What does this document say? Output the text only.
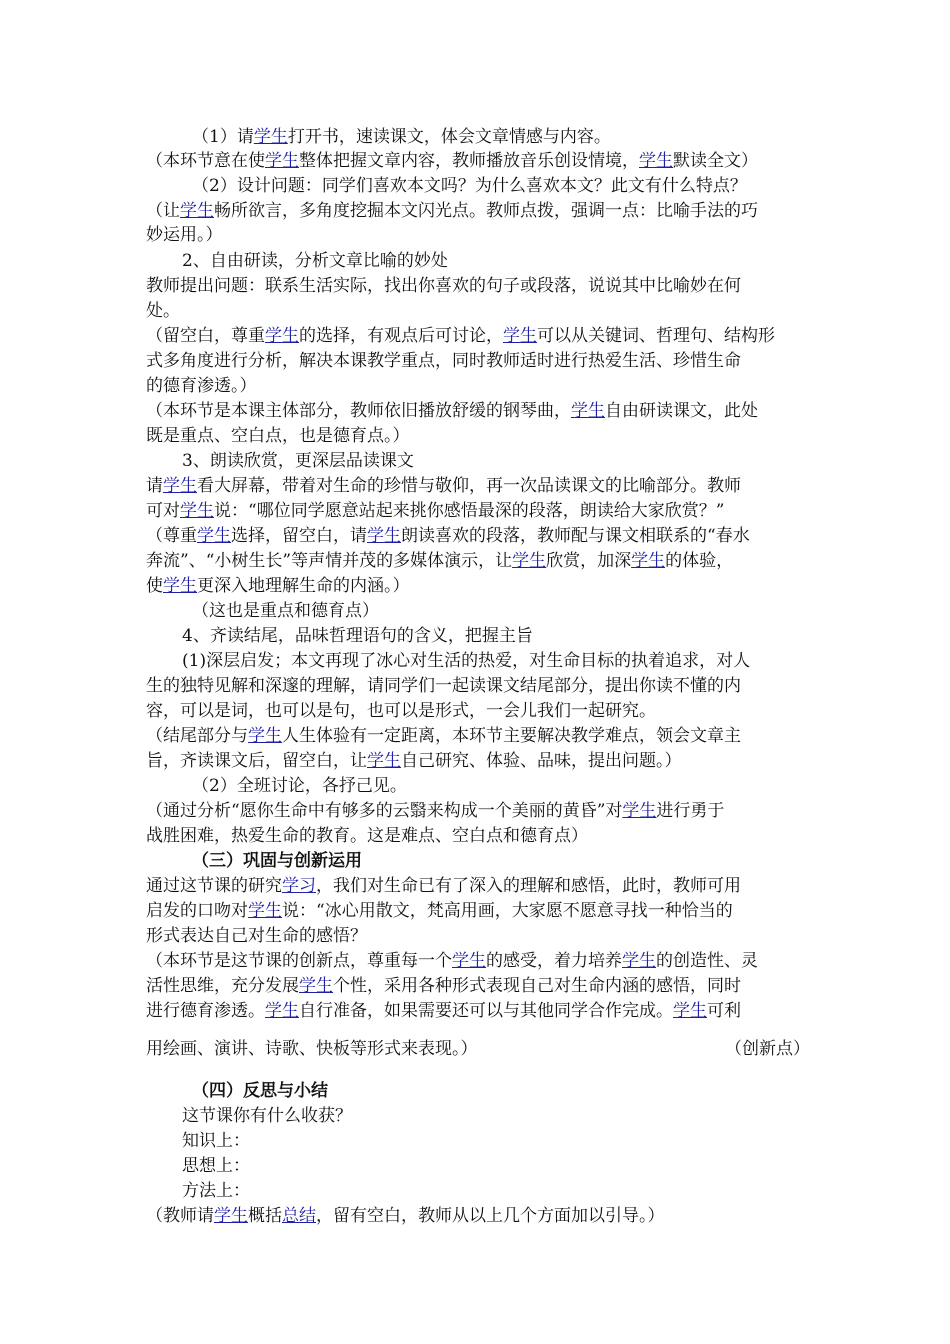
（1）请学生打开书，速读课文，体会文章情感与内容。
（本环节意在使学生整体把握文章内容，教师播放音乐创设情境，学生默读全文）
（2）设计问题：同学们喜欢本文吗？为什么喜欢本文？此文有什么特点？
（让学生畅所欲言，多角度挖掘本文闪光点。教师点拨，强调一点：比喻手法的巧
妙运用。）
2、自由研读，分析文章比喻的妙处
教师提出问题：联系生活实际，找出你喜欢的句子或段落，说说其中比喻妙在何
处。
（留空白，尊重学生的选择，有观点后可讨论，学生可以从关键词、哲理句、结构形
式多角度进行分析，解决本课教学重点，同时教师适时进行热爱生活、珍惜生命
的德育渗透。）
（本环节是本课主体部分，教师依旧播放舒缓的钢琴曲，学生自由研读课文，此处
既是重点、空白点，也是德育点。）
3、朗读欣赏，更深层品读课文
请学生看大屏幕，带着对生命的珍惜与敬仰，再一次品读课文的比喻部分。教师
可对学生说：“哪位同学愿意站起来挑你感悟最深的段落，朗读给大家欣赏？”
（尊重学生选择，留空白，请学生朗读喜欢的段落，教师配与课文相联系的“春水
奔流”、“小树生长”等声情并茂的多媒体演示，让学生欣赏，加深学生的体验，
使学生更深入地理解生命的内涵。）
（这也是重点和德育点）
4、齐读结尾，品味哲理语句的含义，把握主旨
(1)深层启发；本文再现了冰心对生活的热爱，对生命目标的执着追求，对人
生的独特见解和深邃的理解，请同学们一起读课文结尾部分，提出你读不懂的内
容，可以是词，也可以是句，也可以是形式，一会儿我们一起研究。
（结尾部分与学生人生体验有一定距离，本环节主要解决教学难点，领会文章主
旨，齐读课文后，留空白，让学生自己研究、体验、品味，提出问题。）
（2）全班讨论，各抒己见。
（通过分析“愿你生命中有够多的云翳来构成一个美丽的黄昏”对学生进行勇于
战胜困难，热爱生命的教育。这是难点、空白点和德育点）
（三）巩固与创新运用
通过这节课的研究学习，我们对生命已有了深入的理解和感悟，此时，教师可用
启发的口吻对学生说：“冰心用散文，梵高用画，大家愿不愿意寻找一种恰当的
形式表达自己对生命的感悟？
（本环节是这节课的创新点，尊重每一个学生的感受，着力培养学生的创造性、灵
活性思维，充分发展学生个性，采用各种形式表现自己对生命内涵的感悟，同时
进行德育渗透。学生自行准备，如果需要还可以与其他同学合作完成。学生可利
用绘画、演讲、诗歌、快板等形式来表现。）	（创新点）
（四）反思与小结
这节课你有什么收获？
知识上：
思想上：
方法上：
（教师请学生概括总结，留有空白，教师从以上几个方面加以引导。）
